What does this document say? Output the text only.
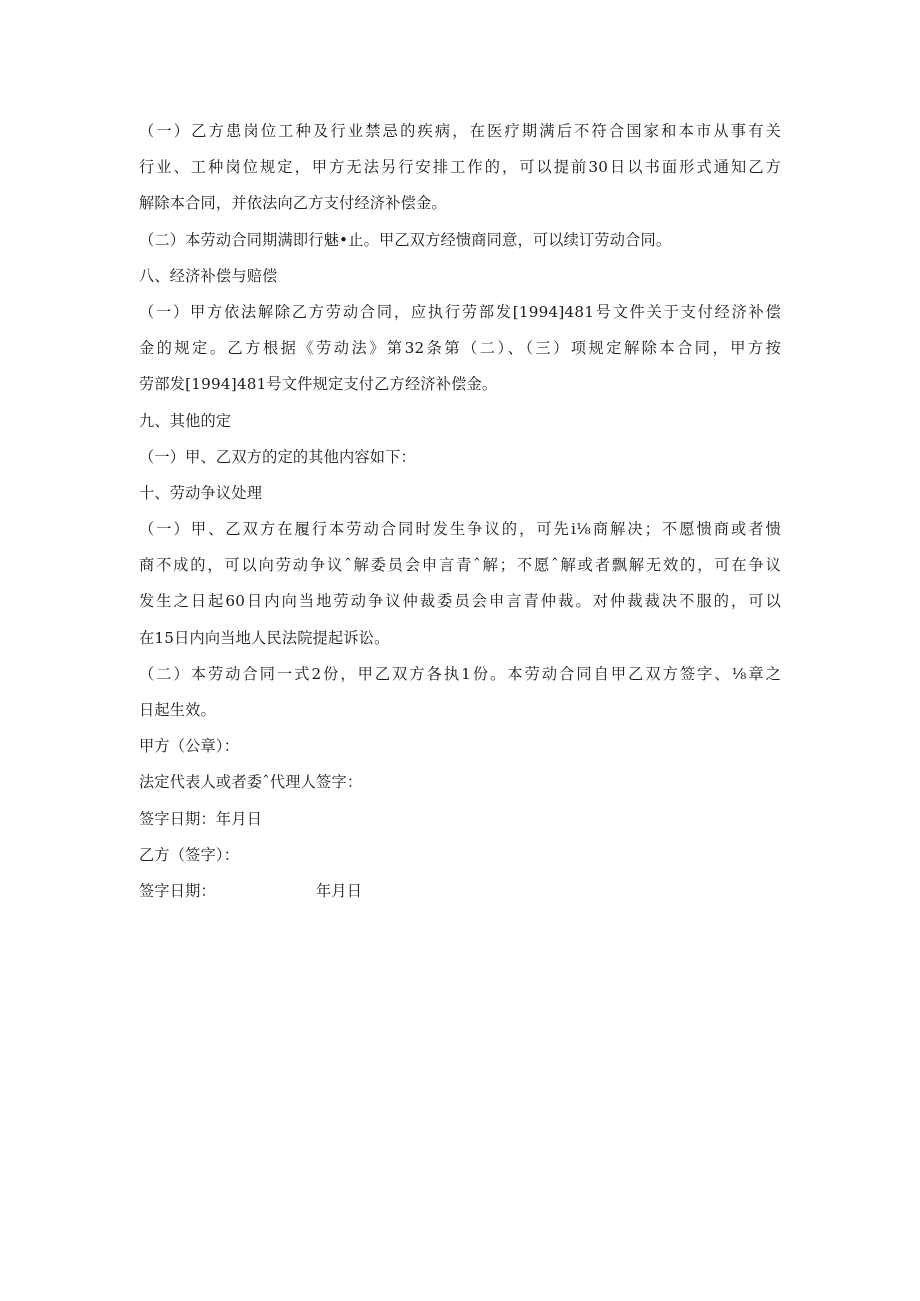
（一）乙方患岗位工种及行业禁忌的疾病，在医疗期满后不符合国家和本市从事有关
行业、工种岗位规定，甲方无法另行安排工作的，可以提前30日以书面形式通知乙方
解除本合同，并依法向乙方支付经济补偿金。
（二）本劳动合同期满即行魅•止。甲乙双方经愦商同意，可以续订劳动合同。
八、经济补偿与赔偿
（一）甲方依法解除乙方劳动合同，应执行劳部发[1994]481号文件关于支付经济补偿
金的规定。乙方根据《劳动法》第32条第（二）、（三）项规定解除本合同，甲方按
劳部发[1994]481号文件规定支付乙方经济补偿金。
九、其他的定
（一）甲、乙双方的定的其他内容如下：
十、劳动争议处理
（一）甲、乙双方在履行本劳动合同时发生争议的，可先i⅛商解决；不愿愦商或者愦
商不成的，可以向劳动争议ˆ解委员会申言青ˆ解；不愿ˆ解或者飘解无效的，可在争议
发生之日起60日内向当地劳动争议仲裁委员会申言青仲裁。对仲裁裁决不服的，可以
在15日内向当地人民法院提起诉讼。
（二）本劳动合同一式2份，甲乙双方各执1份。本劳动合同自甲乙双方签字、⅛章之
日起生效。
甲方（公章）：
法定代表人或者委ˆ代理人签字：
签字日期：年月日
乙方（签字）：
签字日期：	年月日
